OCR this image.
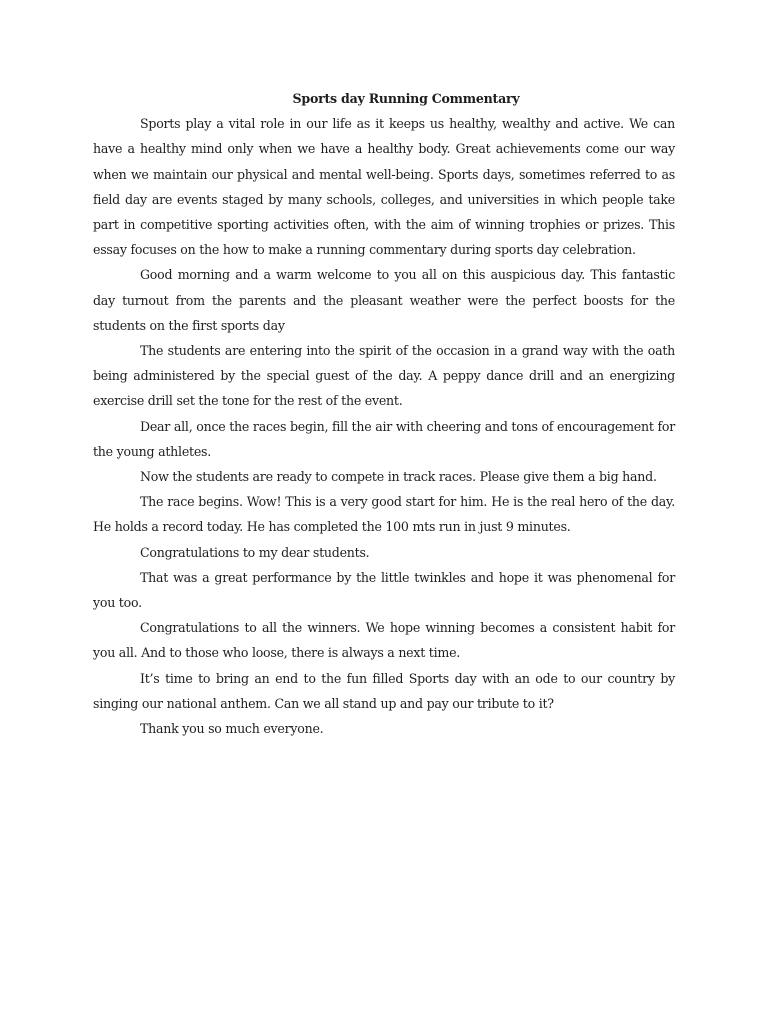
Sports day Running Commentary

Sports play a vital role in our life as it keeps us healthy, wealthy and active. We can have a healthy mind only when we have a healthy body. Great achievements come our way when we maintain our physical and mental well-being. Sports days, sometimes referred to as field day are events staged by many schools, colleges, and universities in which people take part in competitive sporting activities often, with the aim of winning trophies or prizes. This essay focuses on the how to make a running commentary during sports day celebration.

Good morning and a warm welcome to you all on this auspicious day. This fantastic day turnout from the parents and the pleasant weather were the perfect boosts for the students on the first sports day

The students are entering into the spirit of the occasion in a grand way with the oath being administered by the special guest of the day. A peppy dance drill and an energizing exercise drill set the tone for the rest of the event.

Dear all, once the races begin, fill the air with cheering and tons of encouragement for the young athletes.

Now the students are ready to compete in track races. Please give them a big hand.

The race begins. Wow! This is a very good start for him. He is the real hero of the day. He holds a record today. He has completed the 100 mts run in just 9 minutes.

Congratulations to my dear students.

That was a great performance by the little twinkles and hope it was phenomenal for you too.

Congratulations to all the winners. We hope winning becomes a consistent habit for you all. And to those who loose, there is always a next time.

It’s time to bring an end to the fun filled Sports day with an ode to our country by singing our national anthem. Can we all stand up and pay our tribute to it?

Thank you so much everyone.
